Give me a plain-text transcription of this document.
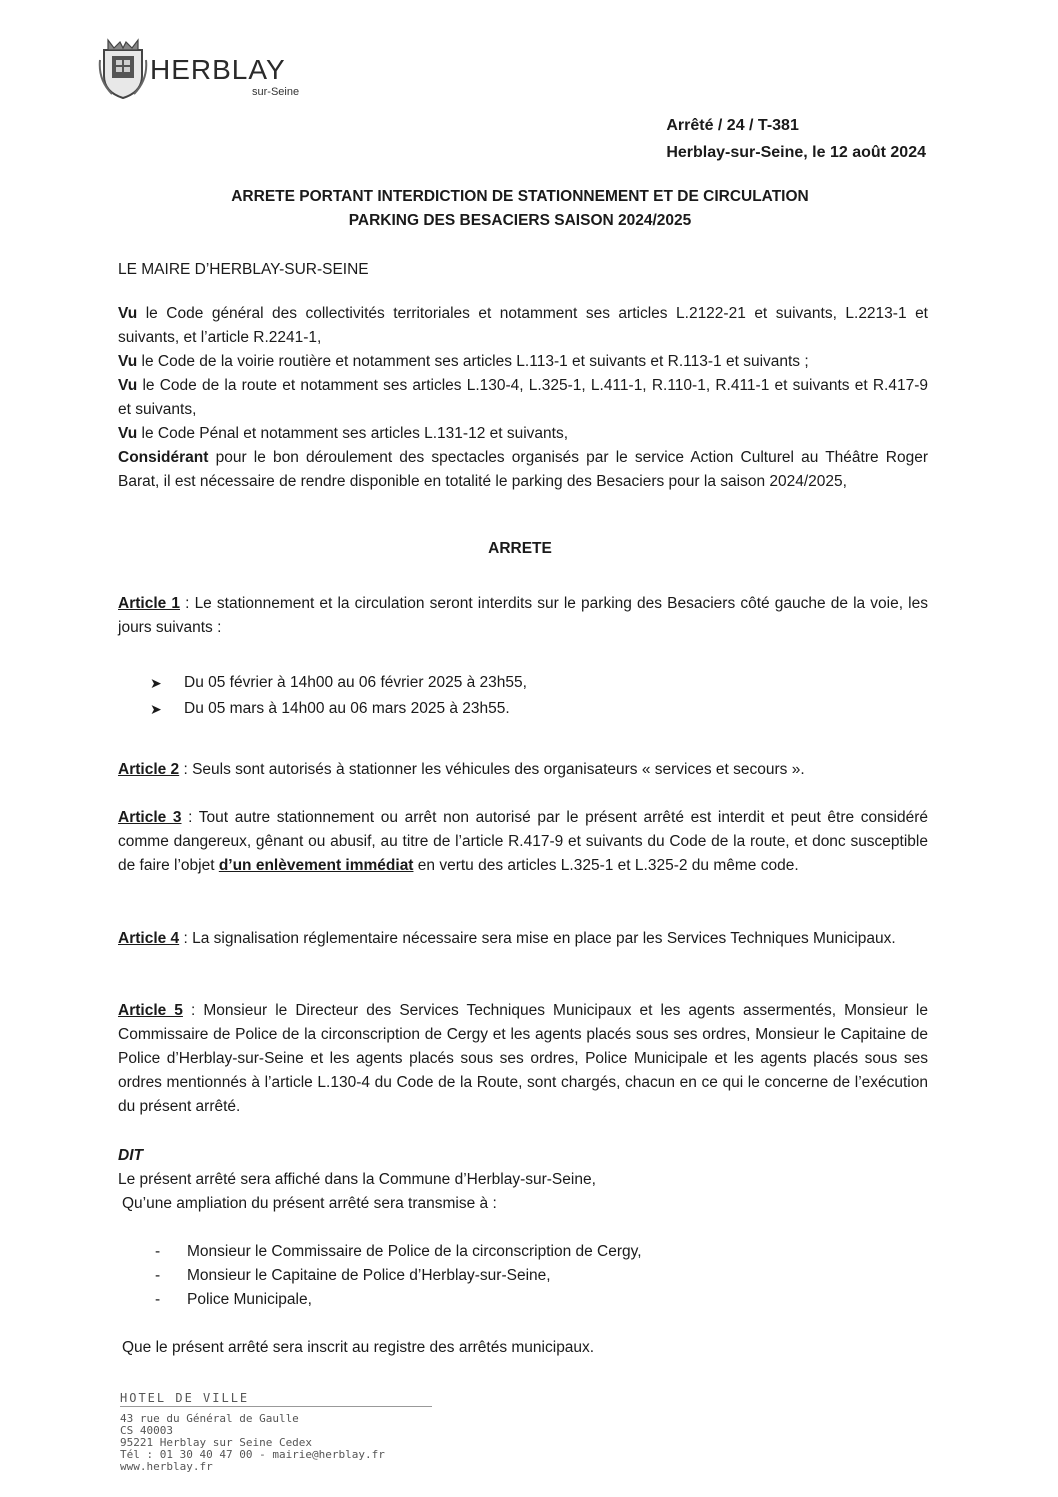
HERBLAY
sur-Seine
Arrêté / 24 / T-381
Herblay-sur-Seine, le 12 août 2024
ARRETE PORTANT INTERDICTION DE STATIONNEMENT ET DE CIRCULATION
PARKING DES BESACIERS SAISON 2024/2025
LE MAIRE D’HERBLAY-SUR-SEINE

Vu le Code général des collectivités territoriales et notamment ses articles L.2122-21 et suivants, L.2213-1 et suivants, et l’article R.2241-1,

Vu le Code de la voirie routière et notamment ses articles L.113-1 et suivants et R.113-1 et suivants ;

Vu le Code de la route et notamment ses articles L.130-4, L.325-1, L.411-1, R.110-1, R.411-1 et suivants et R.417-9 et suivants,

Vu le Code Pénal et notamment ses articles L.131-12 et suivants,

Considérant pour le bon déroulement des spectacles organisés par le service Action Culturel au Théâtre Roger Barat, il est nécessaire de rendre disponible en totalité le parking des Besaciers pour la saison 2024/2025,

ARRETE

Article 1 : Le stationnement et la circulation seront interdits sur le parking des Besaciers côté gauche de la voie, les jours suivants :

➤ Du 05 février à 14h00 au 06 février 2025 à 23h55,
➤ Du 05 mars à 14h00 au 06 mars 2025 à 23h55.

Article 2 : Seuls sont autorisés à stationner les véhicules des organisateurs « services et secours ».

Article 3 : Tout autre stationnement ou arrêt non autorisé par le présent arrêté est interdit et peut être considéré comme dangereux, gênant ou abusif, au titre de l’article R.417-9 et suivants du Code de la route, et donc susceptible de faire l’objet d’un enlèvement immédiat en vertu des articles L.325-1 et L.325-2 du même code.

Article 4 : La signalisation réglementaire nécessaire sera mise en place par les Services Techniques Municipaux.

Article 5 : Monsieur le Directeur des Services Techniques Municipaux et les agents assermentés, Monsieur le Commissaire de Police de la circonscription de Cergy et les agents placés sous ses ordres, Monsieur le Capitaine de Police d’Herblay-sur-Seine et les agents placés sous ses ordres, Police Municipale et les agents placés sous ses ordres mentionnés à l’article L.130-4 du Code de la Route, sont chargés, chacun en ce qui le concerne de l’exécution du présent arrêté.

DIT
Le présent arrêté sera affiché dans la Commune d’Herblay-sur-Seine,
Qu’une ampliation du présent arrêté sera transmise à :
- Monsieur le Commissaire de Police de la circonscription de Cergy,
- Monsieur le Capitaine de Police d’Herblay-sur-Seine,
- Police Municipale,
Que le présent arrêté sera inscrit au registre des arrêtés municipaux.
HOTEL DE VILLE
43 rue du Général de Gaulle
CS 40003
95221 Herblay sur Seine Cedex
Tél : 01 30 40 47 00 - mairie@herblay.fr
www.herblay.fr
